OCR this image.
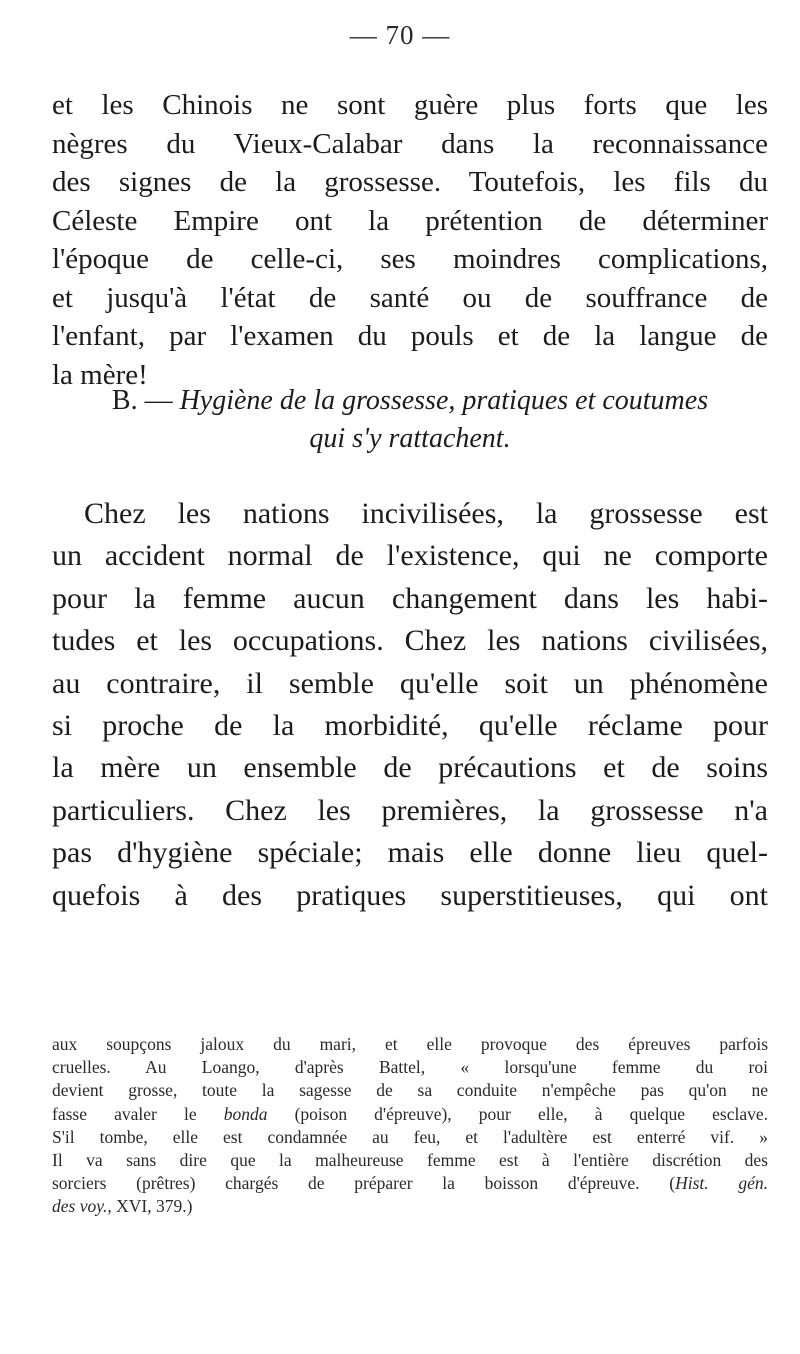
— 70 —

et les Chinois ne sont guère plus forts que les
nègres du Vieux-Calabar dans la reconnaissance
des signes de la grossesse. Toutefois, les fils du
Céleste Empire ont la prétention de déterminer
l'époque de celle-ci, ses moindres complications,
et jusqu'à l'état de santé ou de souffrance de
l'enfant, par l'examen du pouls et de la langue de
la mère!

B. — Hygiène de la grossesse, pratiques et coutumes
qui s'y rattachent.

Chez les nations incivilisées, la grossesse est
un accident normal de l'existence, qui ne comporte
pour la femme aucun changement dans les habi-
tudes et les occupations. Chez les nations civilisées,
au contraire, il semble qu'elle soit un phénomène
si proche de la morbidité, qu'elle réclame pour
la mère un ensemble de précautions et de soins
particuliers. Chez les premières, la grossesse n'a
pas d'hygiène spéciale; mais elle donne lieu quel-
quefois à des pratiques superstitieuses, qui ont

aux soupçons jaloux du mari, et elle provoque des épreuves parfois
cruelles. Au Loango, d'après Battel, « lorsqu'une femme du roi
devient grosse, toute la sagesse de sa conduite n'empêche pas qu'on ne
fasse avaler le bonda (poison d'épreuve), pour elle, à quelque esclave.
S'il tombe, elle est condamnée au feu, et l'adultère est enterré vif. »
Il va sans dire que la malheureuse femme est à l'entière discrétion des
sorciers (prêtres) chargés de préparer la boisson d'épreuve. (Hist. gén.
des voy., XVI, 379.)
